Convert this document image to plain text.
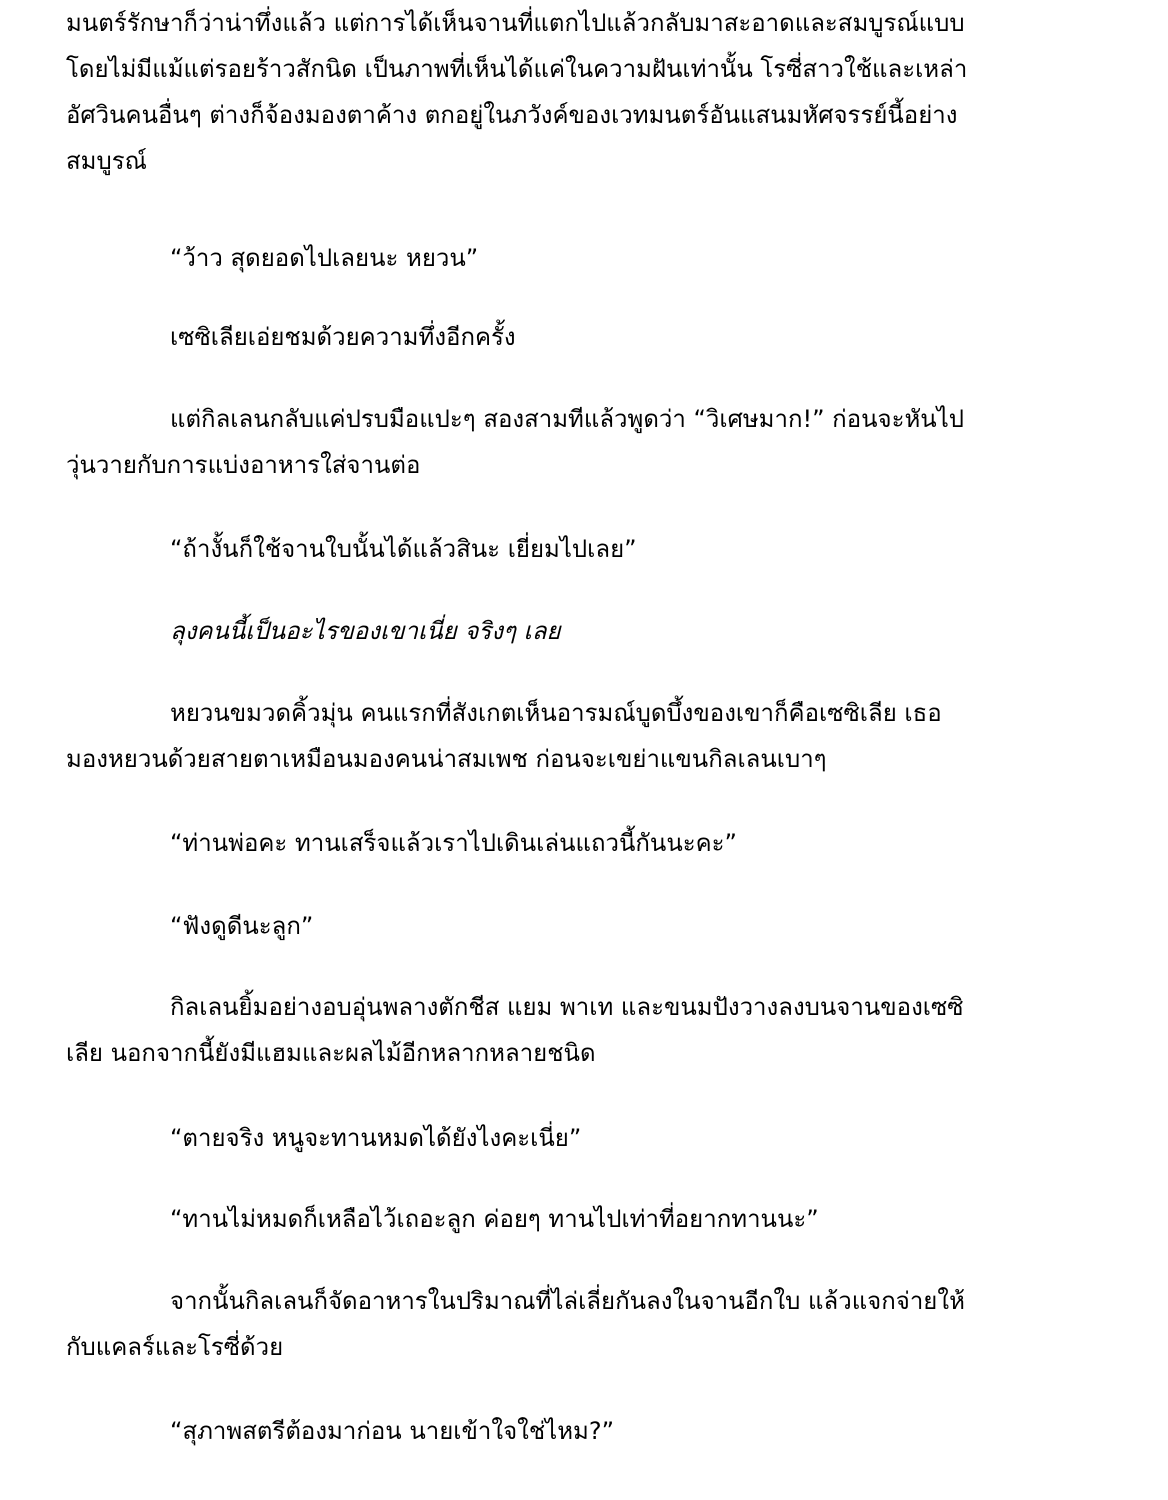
มนตร์รักษาก็ว่าน่าทึ่งแล้ว แต่การได้เห็นจานที่แตกไปแล้วกลับมาสะอาดและสมบูรณ์แบบ
โดยไม่มีแม้แต่รอยร้าวสักนิด เป็นภาพที่เห็นได้แค่ในความฝันเท่านั้น โรซี่สาวใช้และเหล่า
อัศวินคนอื่นๆ ต่างก็จ้องมองตาค้าง ตกอยู่ในภวังค์ของเวทมนตร์อันแสนมหัศจรรย์นี้อย่าง
สมบูรณ์

“ว้าว สุดยอดไปเลยนะ หยวน”

เซซิเลียเอ่ยชมด้วยความทึ่งอีกครั้ง

แต่กิลเลนกลับแค่ปรบมือแปะๆ สองสามทีแล้วพูดว่า “วิเศษมาก!” ก่อนจะหันไป
วุ่นวายกับการแบ่งอาหารใส่จานต่อ

“ถ้างั้นก็ใช้จานใบนั้นได้แล้วสินะ เยี่ยมไปเลย”

ลุงคนนี้เป็นอะไรของเขาเนี่ย จริงๆ เลย

หยวนขมวดคิ้วมุ่น คนแรกที่สังเกตเห็นอารมณ์บูดบึ้งของเขาก็คือเซซิเลีย เธอ
มองหยวนด้วยสายตาเหมือนมองคนน่าสมเพช ก่อนจะเขย่าแขนกิลเลนเบาๆ

“ท่านพ่อคะ ทานเสร็จแล้วเราไปเดินเล่นแถวนี้กันนะคะ”

“ฟังดูดีนะลูก”

กิลเลนยิ้มอย่างอบอุ่นพลางตักชีส แยม พาเท และขนมปังวางลงบนจานของเซซิ
เลีย นอกจากนี้ยังมีแฮมและผลไม้อีกหลากหลายชนิด

“ตายจริง หนูจะทานหมดได้ยังไงคะเนี่ย”

“ทานไม่หมดก็เหลือไว้เถอะลูก ค่อยๆ ทานไปเท่าที่อยากทานนะ”

จากนั้นกิลเลนก็จัดอาหารในปริมาณที่ไล่เลี่ยกันลงในจานอีกใบ แล้วแจกจ่ายให้
กับแคลร์และโรซี่ด้วย

“สุภาพสตรีต้องมาก่อน นายเข้าใจใช่ไหม?”
